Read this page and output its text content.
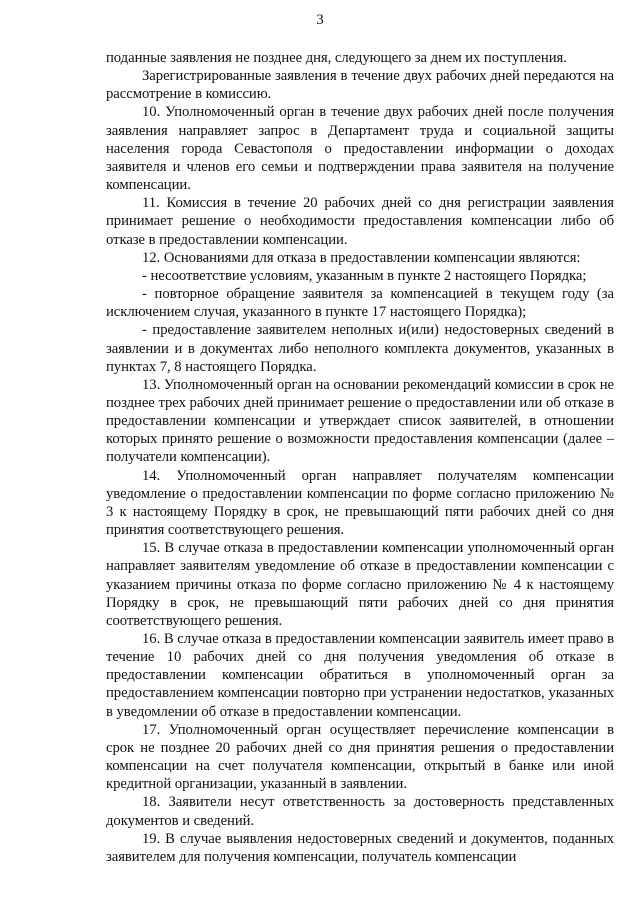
3

поданные заявления не позднее дня, следующего за днем их поступления.

Зарегистрированные заявления в течение двух рабочих дней передаются на рассмотрение в комиссию.

10. Уполномоченный орган в течение двух рабочих дней после получения заявления направляет запрос в Департамент труда и социальной защиты населения города Севастополя о предоставлении информации о доходах заявителя и членов его семьи и подтверждении права заявителя на получение компенсации.

11. Комиссия в течение 20 рабочих дней со дня регистрации заявления принимает решение о необходимости предоставления компенсации либо об отказе в предоставлении компенсации.

12. Основаниями для отказа в предоставлении компенсации являются:

- несоответствие условиям, указанным в пункте 2 настоящего Порядка;

- повторное обращение заявителя за компенсацией в текущем году (за исключением случая, указанного в пункте 17 настоящего Порядка);

- предоставление заявителем неполных и(или) недостоверных сведений в заявлении и в документах либо неполного комплекта документов, указанных в пунктах 7, 8 настоящего Порядка.

13. Уполномоченный орган на основании рекомендаций комиссии в срок не позднее трех рабочих дней принимает решение о предоставлении или об отказе в предоставлении компенсации и утверждает список заявителей, в отношении которых принято решение о возможности предоставления компенсации (далее – получатели компенсации).

14. Уполномоченный орган направляет получателям компенсации уведомление о предоставлении компенсации по форме согласно приложению № 3 к настоящему Порядку в срок, не превышающий пяти рабочих дней со дня принятия соответствующего решения.

15. В случае отказа в предоставлении компенсации уполномоченный орган направляет заявителям уведомление об отказе в предоставлении компенсации с указанием причины отказа по форме согласно приложению № 4 к настоящему Порядку в срок, не превышающий пяти рабочих дней со дня принятия соответствующего решения.

16. В случае отказа в предоставлении компенсации заявитель имеет право в течение 10 рабочих дней со дня получения уведомления об отказе в предоставлении компенсации обратиться в уполномоченный орган за предоставлением компенсации повторно при устранении недостатков, указанных в уведомлении об отказе в предоставлении компенсации.

17. Уполномоченный орган осуществляет перечисление компенсации в срок не позднее 20 рабочих дней со дня принятия решения о предоставлении компенсации на счет получателя компенсации, открытый в банке или иной кредитной организации, указанный в заявлении.

18. Заявители несут ответственность за достоверность представленных документов и сведений.

19. В случае выявления недостоверных сведений и документов, поданных заявителем для получения компенсации, получатель компенсации
